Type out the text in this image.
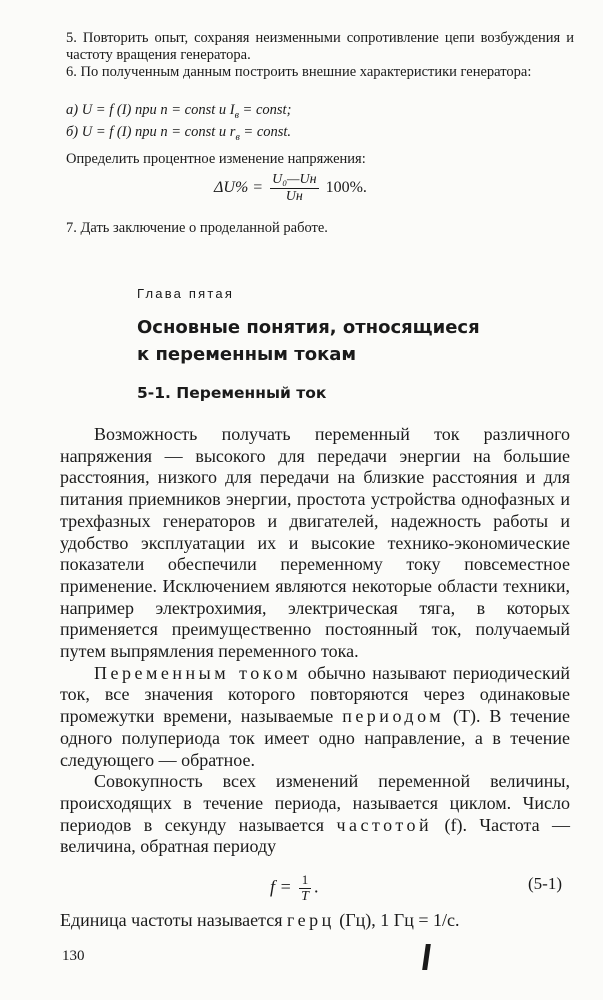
5. Повторить опыт, сохраняя неизменными сопротивление цепи возбуждения и частоту вращения генератора.
6. По полученным данным построить внешние характеристики генератора:
а) U = f (I) при n = const и $I_в$ = const;
б) U = f (I) при n = const и $r_в$ = const.
Определить процентное изменение напряжения:
$\Delta U\% = \frac{\text{U₀—Uн}}{Uн} 100\%$.
7. Дать заключение о проделанной работе.
Глава пятая
Основные понятия, относящиеся
к переменным токам
5-1. Переменный ток

Возможность получать переменный ток различного напряжения — высокого для передачи энергии на большие расстояния, низкого для передачи на близкие расстояния и для питания приемников энергии, простота устройства однофазных и трехфазных генераторов и двигателей, надежность работы и удобство эксплуатации их и высокие технико-экономические показатели обеспечили переменному току повсеместное применение. Исключением являются некоторые области техники, например электрохимия, электрическая тяга, в которых применяется преимущественно постоянный ток, получаемый путем выпрямления переменного тока.

Переменным током обычно называют периодический ток, все значения которого повторяются через одинаковые промежутки времени, называемые периодом (T). В течение одного полупериода ток имеет одно направление, а в течение следующего — обратное.

Совокупность всех изменений переменной величины, происходящих в течение периода, называется циклом. Число периодов в секунду называется частотой (f). Частота — величина, обратная периоду

$f = \frac{1}{T}$ .	(5-1)
Единица частоты называется герц (Гц), 1 Гц = 1/с.
130
